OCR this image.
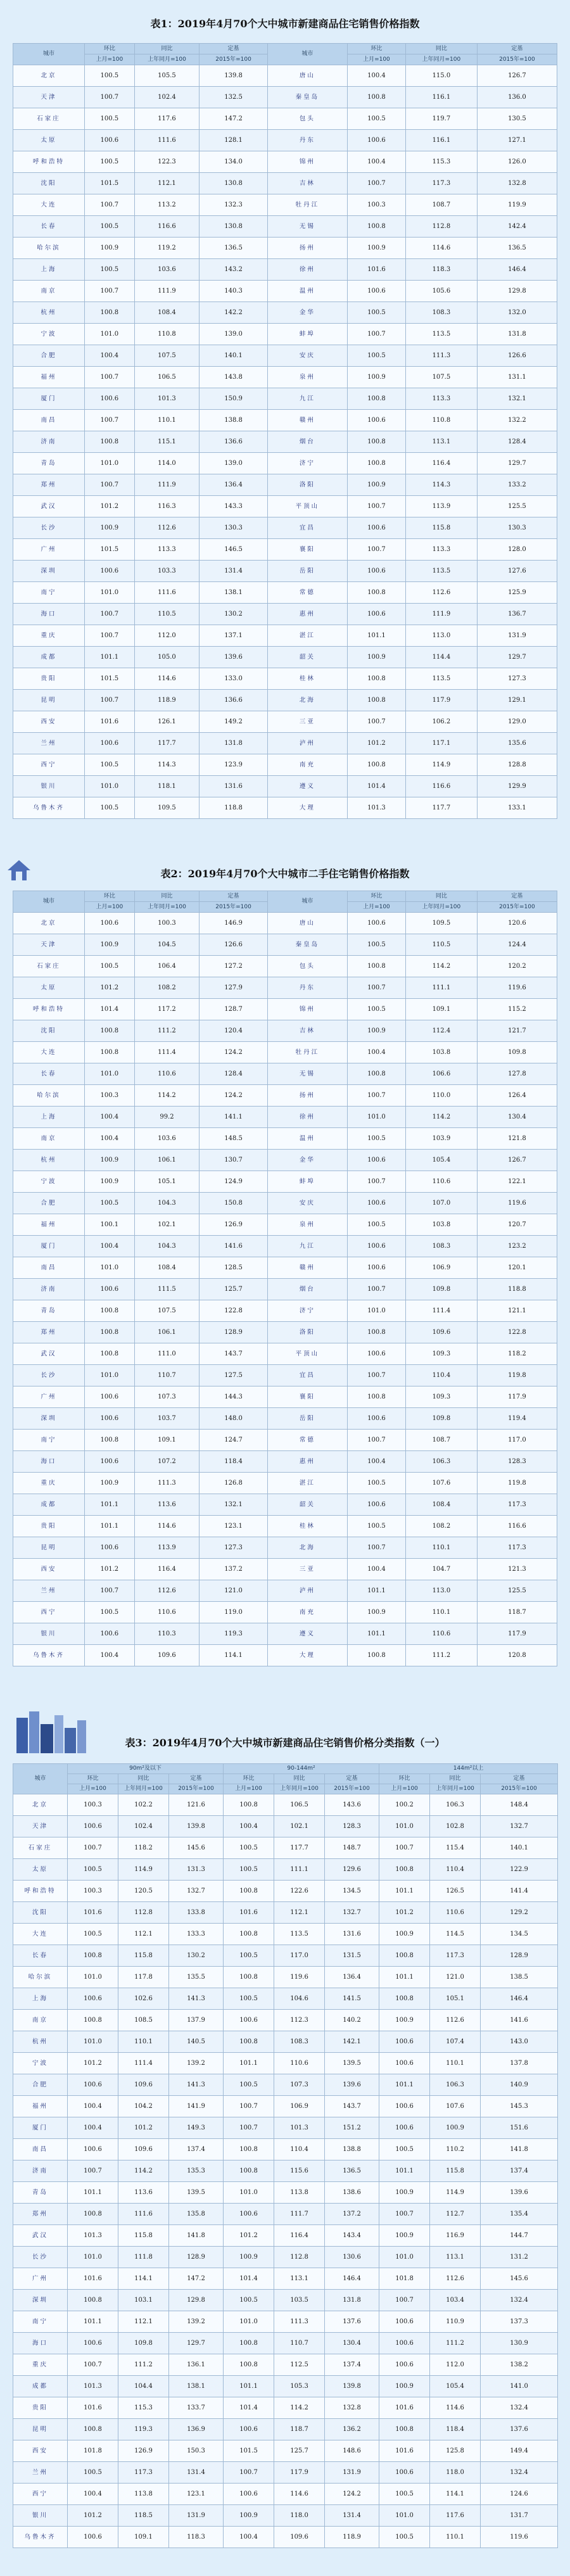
表1：2019年4月70个大中城市新建商品住宅销售价格指数
城市	环比	同比	定基	城市	环比	同比	定基
	上月=100	上年同月=100	2015年=100		上月=100	上年同月=100	2015年=100
北京	100.5	105.5	139.8	唐山	100.4	115.0	126.7
天津	100.7	102.4	132.5	秦皇岛	100.8	116.1	136.0
石家庄	100.5	117.6	147.2	包头	100.5	119.7	130.5
太原	100.6	111.6	128.1	丹东	100.6	116.1	127.1
呼和浩特	100.5	122.3	134.0	锦州	100.4	115.3	126.0
沈阳	101.5	112.1	130.8	吉林	100.7	117.3	132.8
大连	100.7	113.2	132.3	牡丹江	100.3	108.7	119.9
长春	100.5	116.6	130.8	无锡	100.8	112.8	142.4
哈尔滨	100.9	119.2	136.5	扬州	100.9	114.6	136.5
上海	100.5	103.6	143.2	徐州	101.6	118.3	146.4
南京	100.7	111.9	140.3	温州	100.6	105.6	129.8
杭州	100.8	108.4	142.2	金华	100.5	108.3	132.0
宁波	101.0	110.8	139.0	蚌埠	100.7	113.5	131.8
合肥	100.4	107.5	140.1	安庆	100.5	111.3	126.6
福州	100.7	106.5	143.8	泉州	100.9	107.5	131.1
厦门	100.6	101.3	150.9	九江	100.8	113.3	132.1
南昌	100.7	110.1	138.8	赣州	100.6	110.8	132.2
济南	100.8	115.1	136.6	烟台	100.8	113.1	128.4
青岛	101.0	114.0	139.0	济宁	100.8	116.4	129.7
郑州	100.7	111.9	136.4	洛阳	100.9	114.3	133.2
武汉	101.2	116.3	143.3	平顶山	100.7	113.9	125.5
长沙	100.9	112.6	130.3	宜昌	100.6	115.8	130.3
广州	101.5	113.3	146.5	襄阳	100.7	113.3	128.0
深圳	100.6	103.3	131.4	岳阳	100.6	113.5	127.6
南宁	101.0	111.6	138.1	常德	100.8	112.6	125.9
海口	100.7	110.5	130.2	惠州	100.6	111.9	136.7
重庆	100.7	112.0	137.1	湛江	101.1	113.0	131.9
成都	101.1	105.0	139.6	韶关	100.9	114.4	129.7
贵阳	101.5	114.6	133.0	桂林	100.8	113.5	127.3
昆明	100.7	118.9	136.6	北海	100.8	117.9	129.1
西安	101.6	126.1	149.2	三亚	100.7	106.2	129.0
兰州	100.6	117.7	131.8	泸州	101.2	117.1	135.6
西宁	100.5	114.3	123.9	南充	100.8	114.9	128.8
银川	101.0	118.1	131.6	遵义	101.4	116.6	129.9
乌鲁木齐	100.5	109.5	118.8	大理	101.3	117.7	133.1
表2：2019年4月70个大中城市二手住宅销售价格指数
城市	环比	同比	定基	城市	环比	同比	定基
	上月=100	上年同月=100	2015年=100		上月=100	上年同月=100	2015年=100
北京	100.6	100.3	146.9	唐山	100.6	109.5	120.6
天津	100.9	104.5	126.6	秦皇岛	100.5	110.5	124.4
石家庄	100.5	106.4	127.2	包头	100.8	114.2	120.2
太原	101.2	108.2	127.9	丹东	100.7	111.1	119.6
呼和浩特	101.4	117.2	128.7	锦州	100.5	109.1	115.2
沈阳	100.8	111.2	120.4	吉林	100.9	112.4	121.7
大连	100.8	111.4	124.2	牡丹江	100.4	103.8	109.8
长春	101.0	110.6	128.4	无锡	100.8	106.6	127.8
哈尔滨	100.3	114.2	124.2	扬州	100.7	110.0	126.4
上海	100.4	99.2	141.1	徐州	101.0	114.2	130.4
南京	100.4	103.6	148.5	温州	100.5	103.9	121.8
杭州	100.9	106.1	130.7	金华	100.6	105.4	126.7
宁波	100.9	105.1	124.9	蚌埠	100.7	110.6	122.1
合肥	100.5	104.3	150.8	安庆	100.6	107.0	119.6
福州	100.1	102.1	126.9	泉州	100.5	103.8	120.7
厦门	100.4	104.3	141.6	九江	100.6	108.3	123.2
南昌	101.0	108.4	128.5	赣州	100.6	106.9	120.1
济南	100.6	111.5	125.7	烟台	100.7	109.8	118.8
青岛	100.8	107.5	122.8	济宁	101.0	111.4	121.1
郑州	100.8	106.1	128.9	洛阳	100.8	109.6	122.8
武汉	100.8	111.0	143.7	平顶山	100.6	109.3	118.2
长沙	101.0	110.7	127.5	宜昌	100.7	110.4	119.8
广州	100.6	107.3	144.3	襄阳	100.8	109.3	117.9
深圳	100.6	103.7	148.0	岳阳	100.6	109.8	119.4
南宁	100.8	109.1	124.7	常德	100.7	108.7	117.0
海口	100.6	107.2	118.4	惠州	100.4	106.3	128.3
重庆	100.9	111.3	126.8	湛江	100.5	107.6	119.8
成都	101.1	113.6	132.1	韶关	100.6	108.4	117.3
贵阳	101.1	114.6	123.1	桂林	100.5	108.2	116.6
昆明	100.6	113.9	127.3	北海	100.7	110.1	117.3
西安	101.2	116.4	137.2	三亚	100.4	104.7	121.3
兰州	100.7	112.6	121.0	泸州	101.1	113.0	125.5
西宁	100.5	110.6	119.0	南充	100.9	110.1	118.7
银川	100.6	110.3	119.3	遵义	101.1	110.6	117.9
乌鲁木齐	100.4	109.6	114.1	大理	100.8	111.2	120.8
表3：2019年4月70个大中城市新建商品住宅销售价格分类指数（一）
城市	90m²及以下			90-144m²			144m²以上		
	环比	同比	定基	环比	同比	定基	环比	同比	定基
	上月=100	上年同月=100	2015年=100	上月=100	上年同月=100	2015年=100	上月=100	上年同月=100	2015年=100
北京	100.3	102.2	121.6	100.8	106.5	143.6	100.2	106.3	148.4
天津	100.6	102.4	139.8	100.4	102.1	128.3	101.0	102.8	132.7
石家庄	100.7	118.2	145.6	100.5	117.7	148.7	100.7	115.4	140.1
太原	100.5	114.9	131.3	100.5	111.1	129.6	100.8	110.4	122.9
呼和浩特	100.3	120.5	132.7	100.8	122.6	134.5	101.1	126.5	141.4
沈阳	101.6	112.8	133.8	101.6	112.1	132.7	101.2	110.6	129.2
大连	100.5	112.1	133.3	100.8	113.5	131.6	100.9	114.5	134.5
长春	100.8	115.8	130.2	100.5	117.0	131.5	100.8	117.3	128.9
哈尔滨	101.0	117.8	135.5	100.8	119.6	136.4	101.1	121.0	138.5
上海	100.6	102.6	141.3	100.5	104.6	141.5	100.8	105.1	146.4
南京	100.8	108.5	137.9	100.6	112.3	140.2	100.9	112.6	141.6
杭州	101.0	110.1	140.5	100.8	108.3	142.1	100.6	107.4	143.0
宁波	101.2	111.4	139.2	101.1	110.6	139.5	100.6	110.1	137.8
合肥	100.6	109.6	141.3	100.5	107.3	139.6	101.1	106.3	140.9
福州	100.4	104.2	141.9	100.7	106.9	143.7	100.6	107.6	145.3
厦门	100.4	101.2	149.3	100.7	101.3	151.2	100.6	100.9	151.6
南昌	100.6	109.6	137.4	100.8	110.4	138.8	100.5	110.2	141.8
济南	100.7	114.2	135.3	100.8	115.6	136.5	101.1	115.8	137.4
青岛	101.1	113.6	139.5	101.0	113.8	138.6	100.9	114.9	139.6
郑州	100.8	111.6	135.8	100.6	111.7	137.2	100.7	112.7	135.4
武汉	101.3	115.8	141.8	101.2	116.4	143.4	100.9	116.9	144.7
长沙	101.0	111.8	128.9	100.9	112.8	130.6	101.0	113.1	131.2
广州	101.6	114.1	147.2	101.4	113.1	146.4	101.8	112.6	145.6
深圳	100.8	103.1	129.8	100.5	103.5	131.8	100.7	103.4	132.4
南宁	101.1	112.1	139.2	101.0	111.3	137.6	100.6	110.9	137.3
海口	100.6	109.8	129.7	100.8	110.7	130.4	100.6	111.2	130.9
重庆	100.7	111.2	136.1	100.8	112.5	137.4	100.6	112.0	138.2
成都	101.3	104.4	138.1	101.1	105.3	139.8	100.9	105.4	141.0
贵阳	101.6	115.3	133.7	101.4	114.2	132.8	101.6	114.6	132.4
昆明	100.8	119.3	136.9	100.6	118.7	136.2	100.8	118.4	137.6
西安	101.8	126.9	150.3	101.5	125.7	148.6	101.6	125.8	149.4
兰州	100.5	117.3	131.4	100.7	117.9	131.9	100.6	118.0	132.4
西宁	100.4	113.8	123.1	100.6	114.6	124.2	100.5	114.1	124.6
银川	101.2	118.5	131.9	100.9	118.0	131.4	101.0	117.6	131.7
乌鲁木齐	100.6	109.1	118.3	100.4	109.6	118.9	100.5	110.1	119.6
